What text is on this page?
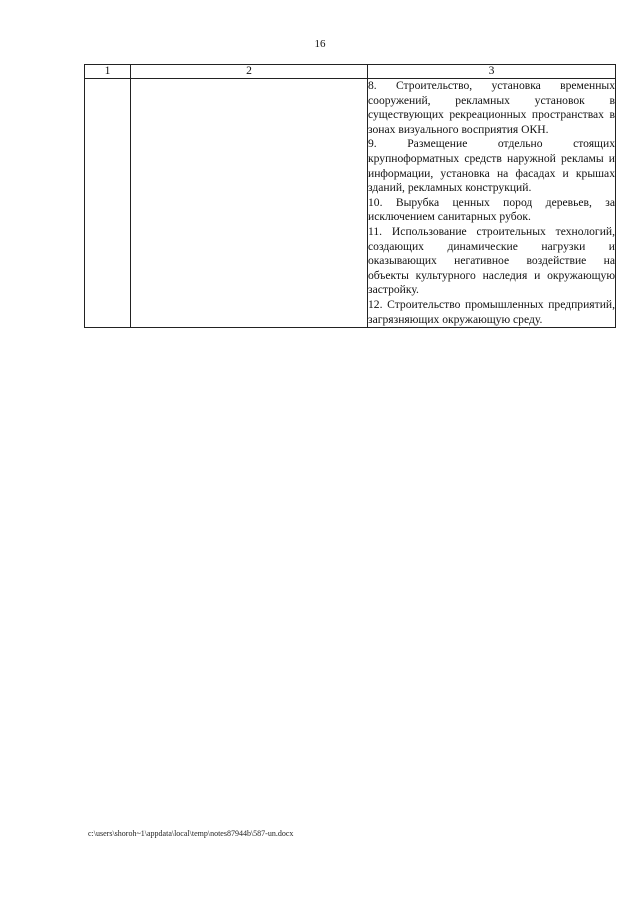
16
1	2	3

		8. Строительство, установка временных сооружений, рекламных установок в существующих рекреационных пространствах в зонах визуального восприятия ОКН.

9. Размещение отдельно стоящих крупноформатных средств наружной рекламы и информации, установка на фасадах и крышах зданий, рекламных конструкций.

10. Вырубка ценных пород деревьев, за исключением санитарных рубок.

11. Использование строительных технологий, создающих динамические нагрузки и оказывающих негативное воздействие на объекты культурного наследия и окружающую застройку.

12. Строительство промышленных предприятий, загрязняющих окружающую среду.

c:\users\shoroh~1\appdata\local\temp\notes87944b\587-un.docx
